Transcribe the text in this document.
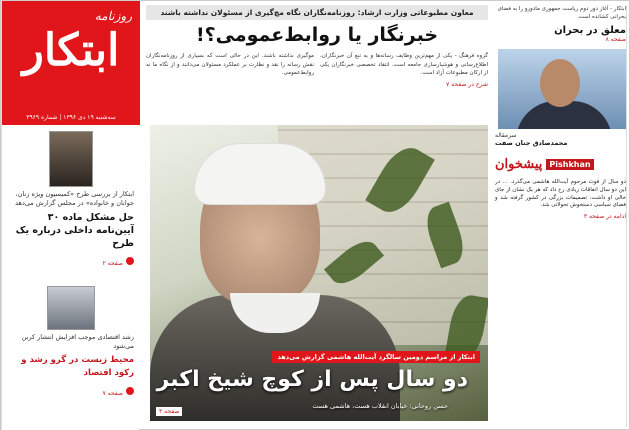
روزنامه
ابتکار
سه‌شنبه ۱۹ دی ۱۳۹۶ | شماره ۳۹۶۹
ابتکار از بررسی طرح «کمیسیون ویژه زنان، جوانان و خانواده» در مجلس گزارش می‌دهد
حل مشکل ماده ۳۰ آیین‌نامه داخلی درباره یک طرح
صفحه ۲
رشد اقتصادی موجب افزایش انتشار کربن می‌شود
محیط زیست در گرو رشد و رکود اقتصاد
صفحه ۷
معاون مطبوعاتی وزارت ارشاد: روزنامه‌نگاران نگاه مچ‌گیری از مسئولان نداشته باشند
خبرنگار یا روابط‌عمومی؟!

گروه فرهنگ - یکی از مهم‌ترین وظایف رسانه‌ها و به تبع آن خبرنگاران، اطلاع‌رسانی و هوشیارسازی جامعه است. انتقاد تخصصی خبرنگاران یکی از ارکان مطبوعات آزاد است.

موگیری نداشته باشند. این در حالی است که بسیاری از روزنامه‌نگاران نقش رسانه را نقد و نظارت بر عملکرد مسئولان می‌دانند و از نگاه ما نه روابط‌عمومی.

شرح در صفحه ۷
ابتکار از مراسم دومین سالگرد آیت‌الله هاشمی گزارش می‌دهد
دو سال پس از کوچ شیخ اکبر
حسن روحانی: خیابان انقلاب هست، هاشمی هست
صفحه ۳
ابتکار - آغاز دور دوم ریاست جمهوری مادورو را به فضای بحرانی کشانده است.
معلق در بحران
صفحه ۸
سرمقاله
محمدصادق جنان صفت
Pishkhan
پیشخوان
دو سال از فوت مرحوم آیت‌الله هاشمی می‌گذرد. ... در این دو سال اتفاقات زیادی رخ داد که هر یک نشان از جای خالی او داشت. تصمیمات بزرگی در کشور گرفته شد و فضای سیاسی دستخوش تحولاتی شد.
ادامه در صفحه ۳
